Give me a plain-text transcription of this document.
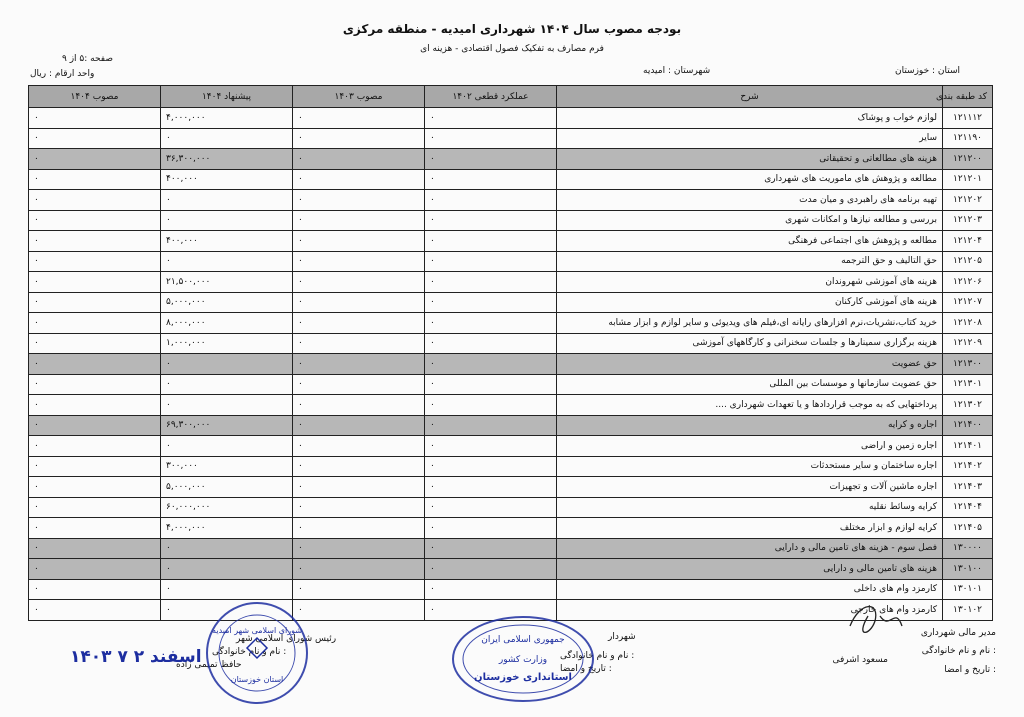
بودجه مصوب سال ۱۴۰۴ شهرداری امیدیه - منطقه مرکزی
فرم مصارف به تفکیک فصول اقتصادی - هزینه ای
استان : خوزستان
شهرستان : امیدیه
صفحه :۵ از ۹
واحد ارقام : ریال
کد طبقه بندی	شرح	عملکرد قطعی ۱۴۰۲	مصوب ۱۴۰۳	پیشنهاد ۱۴۰۴	مصوب ۱۴۰۴
۱۲۱۱۱۲	لوازم خواب و پوشاک	۰	۰	۴,۰۰۰,۰۰۰	۰
۱۲۱۱۹۰	سایر	۰	۰	۰	۰
۱۲۱۲۰۰	هزینه های مطالعاتی و تحقیقاتی	۰	۰	۳۶,۳۰۰,۰۰۰	۰
۱۲۱۲۰۱	مطالعه و پژوهش های ماموریت های شهرداری	۰	۰	۴۰۰,۰۰۰	۰
۱۲۱۲۰۲	تهیه برنامه های راهبردی و میان مدت	۰	۰	۰	۰
۱۲۱۲۰۳	بررسی و مطالعه نیازها و امکانات شهری	۰	۰	۰	۰
۱۲۱۲۰۴	مطالعه و پژوهش های اجتماعی فرهنگی	۰	۰	۴۰۰,۰۰۰	۰
۱۲۱۲۰۵	حق التالیف و حق الترجمه	۰	۰	۰	۰
۱۲۱۲۰۶	هزینه های آموزشی شهروندان	۰	۰	۲۱,۵۰۰,۰۰۰	۰
۱۲۱۲۰۷	هزینه های آموزشی کارکنان	۰	۰	۵,۰۰۰,۰۰۰	۰
۱۲۱۲۰۸	خرید کتاب،نشریات،نرم افزارهای رایانه ای،فیلم های ویدیوئی و سایر لوازم و ابزار مشابه	۰	۰	۸,۰۰۰,۰۰۰	۰
۱۲۱۲۰۹	هزینه برگزاری سمینارها و جلسات سخنرانی و کارگاههای آموزشی	۰	۰	۱,۰۰۰,۰۰۰	۰
۱۲۱۳۰۰	حق عضویت	۰	۰	۰	۰
۱۲۱۳۰۱	حق عضویت سازمانها و موسسات بین المللی	۰	۰	۰	۰
۱۲۱۳۰۲	پرداختهایی که به موجب قراردادها و یا تعهدات شهرداری ....	۰	۰	۰	۰
۱۲۱۴۰۰	اجاره و کرایه	۰	۰	۶۹,۳۰۰,۰۰۰	۰
۱۲۱۴۰۱	اجاره زمین و اراضی	۰	۰	۰	۰
۱۲۱۴۰۲	اجاره ساختمان و سایر مستحدثات	۰	۰	۳۰۰,۰۰۰	۰
۱۲۱۴۰۳	اجاره ماشین آلات و تجهیزات	۰	۰	۵,۰۰۰,۰۰۰	۰
۱۲۱۴۰۴	کرایه وسائط نقلیه	۰	۰	۶۰,۰۰۰,۰۰۰	۰
۱۲۱۴۰۵	کرایه لوازم و ابزار مختلف	۰	۰	۴,۰۰۰,۰۰۰	۰
۱۳۰۰۰۰	فصل سوم - هزینه های تامین مالی و دارایی	۰	۰	۰	۰
۱۳۰۱۰۰	هزینه های تامین مالی و دارایی	۰	۰	۰	۰
۱۳۰۱۰۱	کارمزد وام های داخلی	۰	۰	۰	۰
۱۳۰۱۰۲	کارمزد وام های خارجی	۰	۰	۰	۰
مدیر مالی شهرداری
نام و نام خانوادگی :
مسعود اشرفی
تاریخ و امضا :
شهردار
نام و نام خانوادگی :
تاریخ و امضا :
جمهوری اسلامی ایران
وزارت کشور
استانداری خوزستان
رئیس شورای اسلامی شهر
نام و نام خانوادگی :
حافظ تمیمی زاده
شورای اسلامی شهر امیدیه
استان خوزستان
۱۴۰۳ اسفند ۲ ۷
